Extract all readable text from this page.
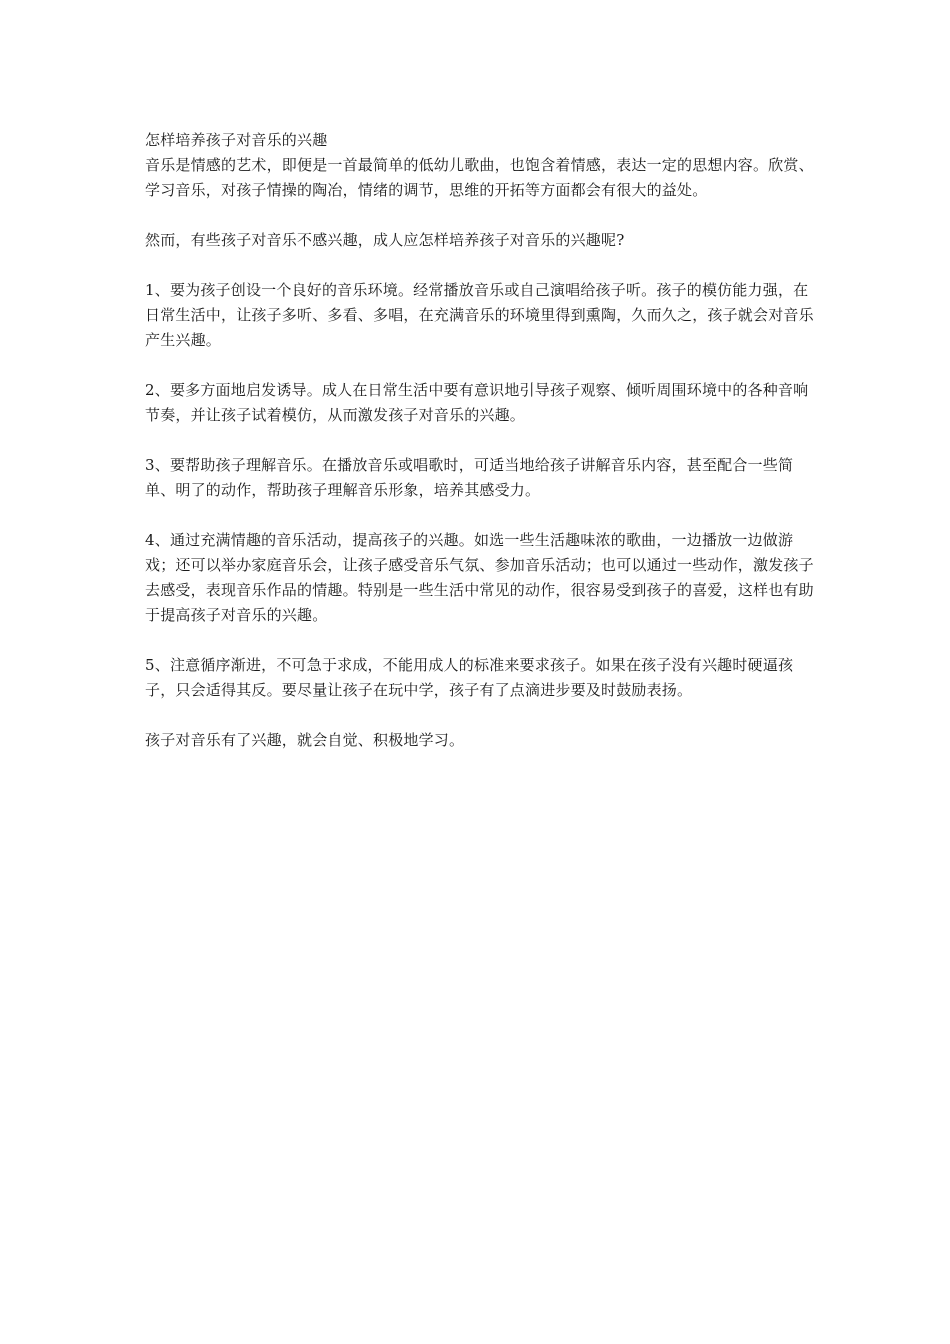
怎样培养孩子对音乐的兴趣

音乐是情感的艺术，即便是一首最简单的低幼儿歌曲，也饱含着情感，表达一定的思想内容。欣赏、学习音乐，对孩子情操的陶冶，情绪的调节，思维的开拓等方面都会有很大的益处。

然而，有些孩子对音乐不感兴趣，成人应怎样培养孩子对音乐的兴趣呢?

1、要为孩子创设一个良好的音乐环境。经常播放音乐或自己演唱给孩子听。孩子的模仿能力强，在日常生活中，让孩子多听、多看、多唱，在充满音乐的环境里得到熏陶，久而久之，孩子就会对音乐产生兴趣。

2、要多方面地启发诱导。成人在日常生活中要有意识地引导孩子观察、倾听周围环境中的各种音响节奏，并让孩子试着模仿，从而激发孩子对音乐的兴趣。

3、要帮助孩子理解音乐。在播放音乐或唱歌时，可适当地给孩子讲解音乐内容，甚至配合一些简单、明了的动作，帮助孩子理解音乐形象，培养其感受力。

4、通过充满情趣的音乐活动，提高孩子的兴趣。如选一些生活趣味浓的歌曲，一边播放一边做游戏；还可以举办家庭音乐会，让孩子感受音乐气氛、参加音乐活动；也可以通过一些动作，激发孩子去感受，表现音乐作品的情趣。特别是一些生活中常见的动作，很容易受到孩子的喜爱，这样也有助于提高孩子对音乐的兴趣。

5、注意循序渐进，不可急于求成，不能用成人的标准来要求孩子。如果在孩子没有兴趣时硬逼孩子，只会适得其反。要尽量让孩子在玩中学，孩子有了点滴进步要及时鼓励表扬。

孩子对音乐有了兴趣，就会自觉、积极地学习。
